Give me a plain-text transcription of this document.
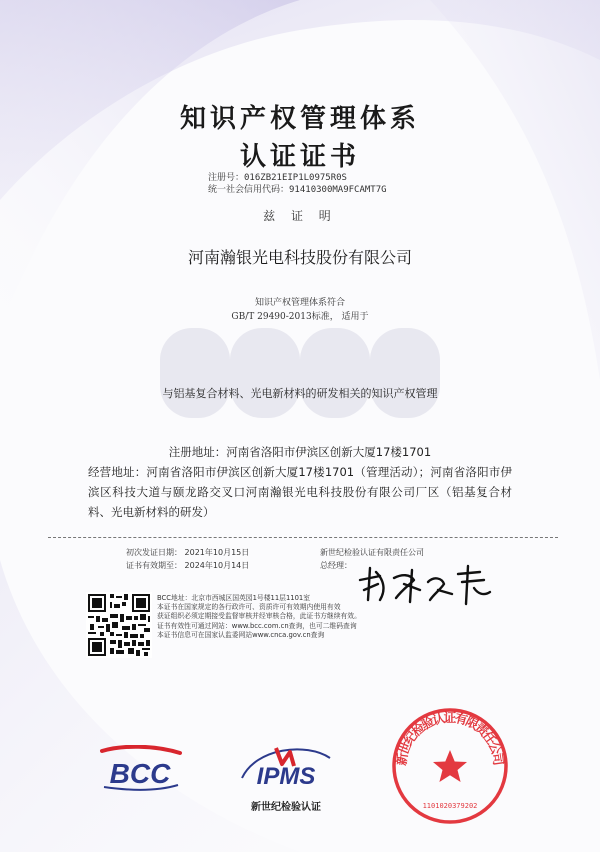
知识产权管理体系
认证证书
注册号：016ZB21EIP1L0975R0S
统一社会信用代码：91410300MA9FCAMT7G
兹 证 明
河南瀚银光电科技股份有限公司
知识产权管理体系符合
GB/T 29490-2013标准， 适用于
与铝基复合材料、光电新材料的研发相关的知识产权管理
注册地址：河南省洛阳市伊滨区创新大厦17楼1701
经营地址：河南省洛阳市伊滨区创新大厦17楼1701（管理活动）；河南省洛阳市伊滨区科技大道与颐龙路交叉口河南瀚银光电科技股份有限公司厂区（铝基复合材料、光电新材料的研发）
初次发证日期： 2021年10月15日
证书有效期至： 2024年10月14日
新世纪检验认证有限责任公司
总经理：
BCC地址：北京市西城区国英园1号楼11层1101室
本证书在国家规定的各行政许可、资质许可有效期内使用有效
获证组织必须定期接受监督审核并经审核合格，此证书方继续有效。
证书有效性可通过网站：www.bcc.com.cn查询，也可二维码查询
本证书信息可在国家认监委网站www.cnca.gov.cn查询
BCC	IPMS
新世纪检验认证
新世纪检验认证有限责任公司
1101020379202
